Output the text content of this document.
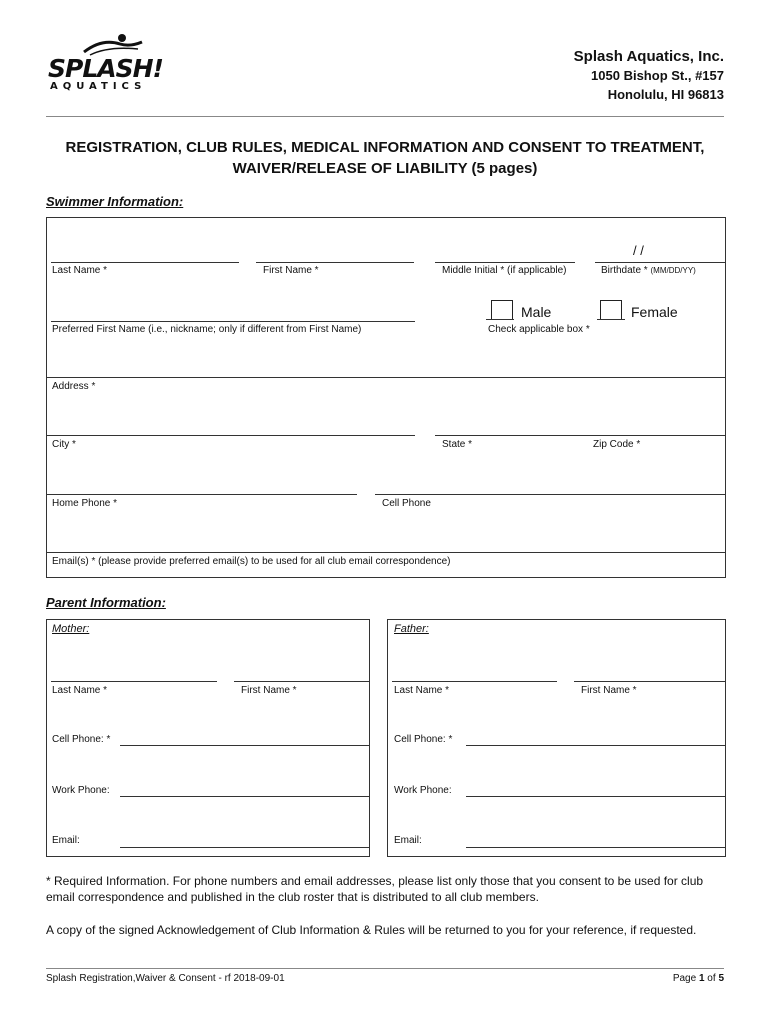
SPLASH!
AQUATICS
Splash Aquatics, Inc.
1050 Bishop St., #157
Honolulu, HI 96813
REGISTRATION, CLUB RULES, MEDICAL INFORMATION AND CONSENT TO TREATMENT,
WAIVER/RELEASE OF LIABILITY (5 pages)
Swimmer Information:
/ /
Last Name *	First Name *	Middle Initial * (if applicable)	Birthdate * (MM/DD/YY)
Male	Female
Preferred First Name (i.e., nickname; only if different from First Name)	Check applicable box *
Address *
City *	State *	Zip Code *
Home Phone *	Cell Phone
Email(s) * (please provide preferred email(s) to be used for all club email correspondence)
Parent Information:
Mother:
Last Name *	First Name *
Cell Phone: *
Work Phone:
Email:
Father:
Last Name *	First Name *
Cell Phone: *
Work Phone:
Email:
* Required Information. For phone numbers and email addresses, please list only those that you consent to be used for club email correspondence and published in the club roster that is distributed to all club members.
A copy of the signed Acknowledgement of Club Information & Rules will be returned to you for your reference, if requested.
Splash Registration,Waiver & Consent - rf 2018-09-01	Page 1 of 5
